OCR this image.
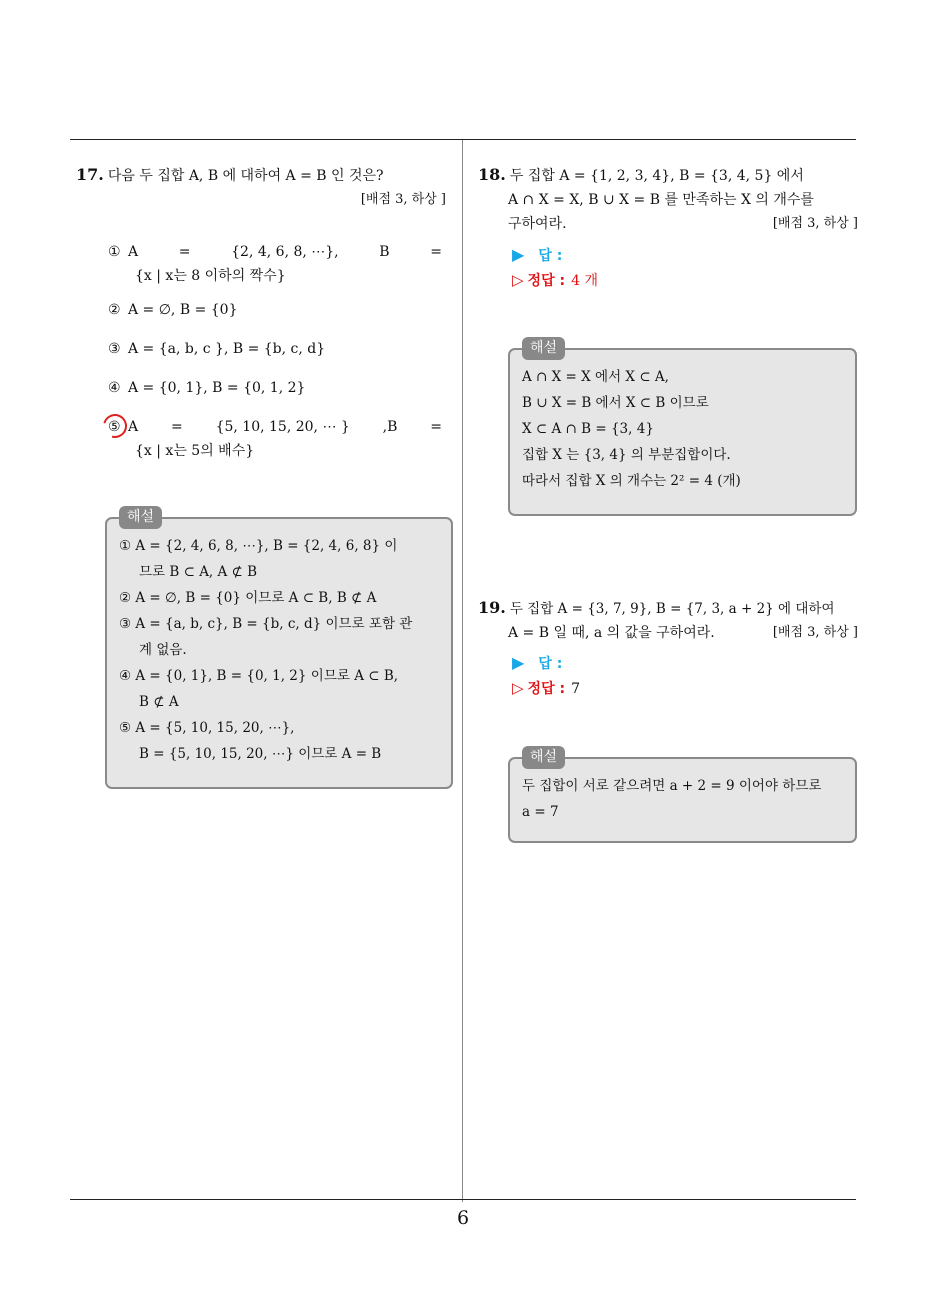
6
17. 다음 두 집합 A, B 에 대하여 A = B 인 것은?
[배점 3, 하상 ]
① A	=	{2, 4, 6, 8, ⋯},	B	=
{x | x는 8 이하의 짝수}
② A = ∅, B = {0}
③ A = {a, b, c }, B = {b, c, d}
④ A = {0, 1}, B = {0, 1, 2}
⑤ A = {5, 10, 15, 20, ⋯ } ,B =
{x | x는 5의 배수}
해설
① A = {2, 4, 6, 8, ⋯}, B = {2, 4, 6, 8} 이
므로 B ⊂ A, A ⊄ B
② A = ∅, B = {0} 이므로 A ⊂ B, B ⊄ A
③ A = {a, b, c}, B = {b, c, d} 이므로 포함 관
계 없음.
④ A = {0, 1}, B = {0, 1, 2} 이므로 A ⊂ B,
B ⊄ A
⑤ A = {5, 10, 15, 20, ⋯},
B = {5, 10, 15, 20, ⋯} 이므로 A = B
18. 두 집합 A = {1, 2, 3, 4}, B = {3, 4, 5} 에서
A ∩ X = X, B ∪ X = B 를 만족하는 X 의 개수를
구하여라.	[배점 3, 하상 ]
▶ 답 :
▷ 정답 : 4 개
해설
A ∩ X = X 에서 X ⊂ A,
B ∪ X = B 에서 X ⊂ B 이므로
X ⊂ A ∩ B = {3, 4}
집합 X 는 {3, 4} 의 부분집합이다.
따라서 집합 X 의 개수는 2² = 4 (개)
19. 두 집합 A = {3, 7, 9}, B = {7, 3, a + 2} 에 대하여
A = B 일 때, a 의 값을 구하여라.	[배점 3, 하상 ]
▶ 답 :
▷ 정답 : 7
해설
두 집합이 서로 같으려면 a + 2 = 9 이어야 하므로
a = 7
